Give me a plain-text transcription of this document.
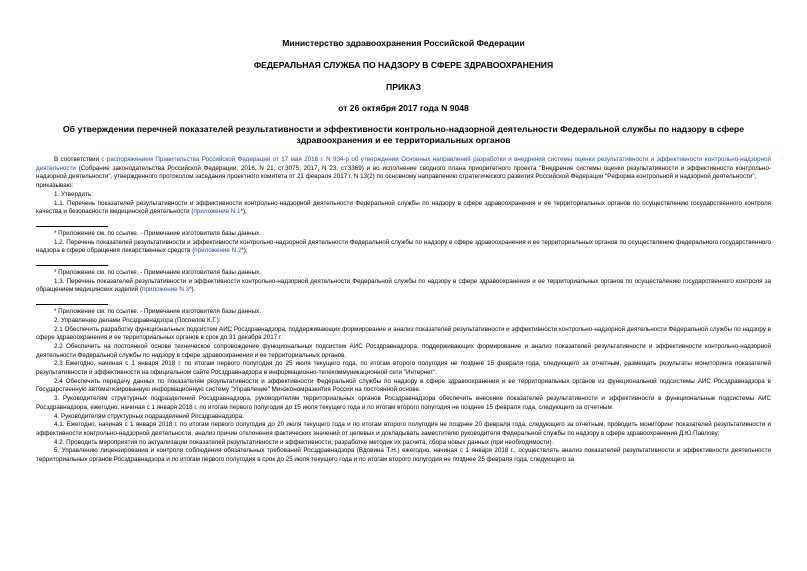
Министерство здравоохранения Российской Федерации
ФЕДЕРАЛЬНАЯ СЛУЖБА ПО НАДЗОРУ В СФЕРЕ ЗДРАВООХРАНЕНИЯ
ПРИКАЗ
от 26 октября 2017 года N 9048
Об утверждении перечней показателей результативности и эффективности контрольно-надзорной деятельности Федеральной службы по надзору в сфере здравоохранения и ее территориальных органов

В соответствии с распоряжением Правительства Российской Федерации от 17 мая 2016 г. N 934-р об утверждении Основных направлений разработки и внедрения системы оценки результативности и эффективности контрольно-надзорной деятельности (Собрание законодательства Российской Федерации, 2016, N 21, ст.3075; 2017, N 23, ст.3369) и во исполнение сводного плана приоритетного проекта "Внедрение системы оценки результативности и эффективности контрольно-надзорной деятельности", утвержденного протоколом заседания проектного комитета от 21 февраля 2017 г. N 13(2) по основному направлению стратегического развития Российской Федерации "Реформа контрольной и надзорной деятельности",

приказываю:

1. Утвердить:

1.1. Перечень показателей результативности и эффективности контрольно-надзорной деятельности Федеральной службы по надзору в сфере здравоохранения и ее территориальных органов по осуществлению государственного контроля качества и безопасности медицинской деятельности (приложение N 1*);

* Приложение см. по ссылке. - Примечание изготовителя базы данных.

1.2. Перечень показателей результативности и эффективности контрольно-надзорной деятельности Федеральной службы по надзору в сфере здравоохранения и ее территориальных органов по осуществлению федерального государственного надзора в сфере обращения лекарственных средств (приложение N 2*);

* Приложение см. по ссылке. - Примечание изготовителя базы данных.

1.3. Перечень показателей результативности и эффективности контрольно-надзорной деятельности Федеральной службы по надзору в сфере здравоохранения и ее территориальных органов по осуществлению государственного контроля за обращением медицинских изделий (приложение N 3*).

* Приложение см. по ссылке. - Примечание изготовителя базы данных.

2. Управлению делами Росздравнадзора (Поспелов К.Г.):

2.1 Обеспечить разработку функциональных подсистем АИС Росздравнадзора, поддерживающих формирование и анализ показателей результативности и эффективности контрольно-надзорной деятельности Федеральной службы по надзору в сфере здравоохранения и ее территориальных органов в срок до 31 декабря 2017 г.

2.2 Обеспечить на постоянной основе техническое сопровождение функциональных подсистем АИС Росздравнадзора, поддерживающих формирование и анализ показателей результативности и эффективности контрольно-надзорной деятельности Федеральной службы по надзору в сфере здравоохранения и ее территориальных органов.

2.3 Ежегодно, начиная с 1 января 2018 г. по итогам первого полугодия до 25 июля текущего года, по итогам второго полугодия не позднее 15 февраля года, следующего за отчетным, размещать результаты мониторинга показателей результативности и эффективности на официальном сайте Росздравнадзора в информационно-телекоммуникационной сети "Интернет".

2.4 Обеспечить передачу данных по показателям результативности и эффективности Федеральной службы по надзору в сфере здравоохранения и ее территориальных органов из функциональной подсистемы АИС Росздравнадзора в Государственную автоматизированную информационную систему "Управление" Минэкономразвития России на постоянной основе.

3. Руководителям структурных подразделений Росздравнадзора, руководителям территориальных органов Росздравнадзора обеспечить внесение показателей результативности и эффективности в функциональные подсистемы АИС Росздравнадзора, ежегодно, начиная с 1 января 2018 г. по итогам первого полугодия до 15 июля текущего года и по итогам второго полугодия не позднее 15 февраля года, следующего за отчетным.

4. Руководителям структурных подразделений Росздравнадзора:

4.1. Ежегодно, начиная с 1 января 2018 г. по итогам первого полугодия до 20 июля текущего года и по итогам второго полугодия не позднее 20 февраля года, следующего за отчетным, проводить мониторинг показателей результативности и эффективности контрольно-надзорной деятельности, анализ причин отклонения фактических значений от целевых и докладывать заместителю руководителя Федеральной службы по надзору в сфере здравоохранения Д.Ю.Павлову;

4.2. Проводить мероприятия по актуализации показателей результативности и эффективности, разработке методик их расчета, сбора новых данных (при необходимости).

5. Управлению лицензирования и контроля соблюдения обязательных требований Росздравнадзора (Вдовина Т.Н.) ежегодно, начиная с 1 января 2018 г., осуществлять анализ показателей результативности и эффективности деятельности территориальных органов Росздравнадзора и по итогам первого полугодия в срок до 25 июля текущего года и по итогам второго полугодия не позднее 25 февраля года, следующего за
